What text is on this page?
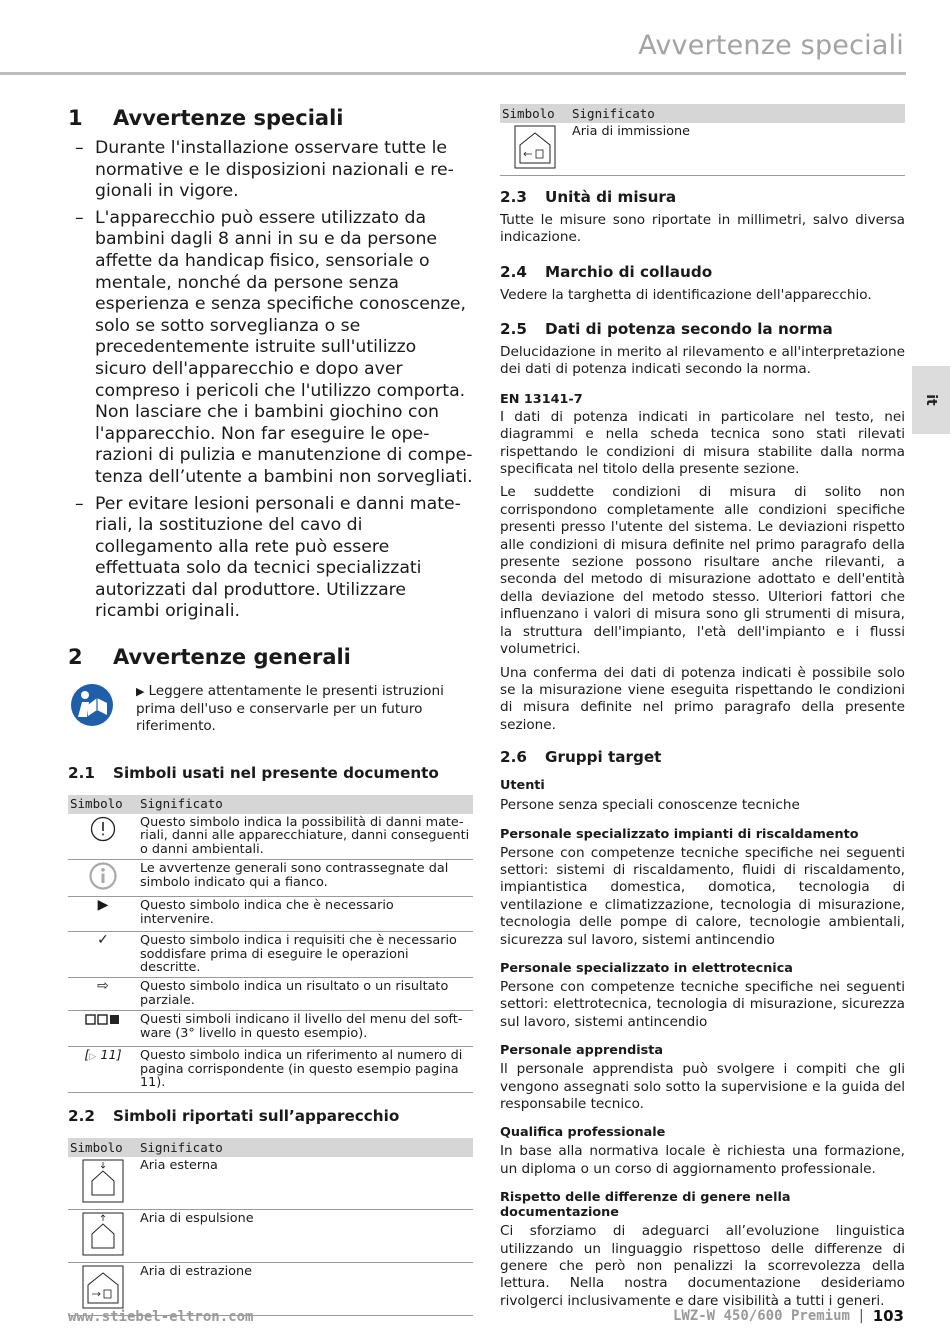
Avvertenze speciali
it
1	Avvertenze speciali
– Durante l'installazione osservare tutte le normative e le disposizioni nazionali e regionali in vigore.
– L'apparecchio può essere utilizzato da bambini dagli 8 anni in su e da persone affette da handicap fisico, sensoriale o mentale, nonché da persone senza esperienza e senza specifiche conoscenze, solo se sotto sorveglianza o se precedentemente istruite sull'utilizzo sicuro dell'apparecchio e dopo aver compreso i pericoli che l'utilizzo comporta. Non lasciare che i bambini giochino con l'apparecchio. Non far eseguire le operazioni di pulizia e manutenzione di competenza dell’utente a bambini non sorvegliati.
– Per evitare lesioni personali e danni materiali, la sostituzione del cavo di collegamento alla rete può essere effettuata solo da tecnici specializzati autorizzati dal produttore. Utilizzare ricambi originali.
2	Avvertenze generali

▶ Leggere attentamente le presenti istruzioni prima dell'uso e conservarle per un futuro riferimento.

2.1	Simboli usati nel presente documento
Simbolo	Significato
	Questo simbolo indica la possibilità di danni materiali, danni alle apparecchiature, danni conseguenti o danni ambientali.
	Le avvertenze generali sono contrassegnate dal simbolo indicato qui a fianco.
▶	Questo simbolo indica che è necessario intervenire.
✓	Questo simbolo indica i requisiti che è necessario soddisfare prima di eseguire le operazioni descritte.
⇨	Questo simbolo indica un risultato o un risultato parziale.
	Questi simboli indicano il livello del menu del software (3° livello in questo esempio).
[▷ 11]	Questo simbolo indica un riferimento al numero di pagina corrispondente (in questo esempio pagina 11).
2.2	Simboli riportati sull’apparecchio
Simbolo	Significato
	Aria esterna
	Aria di espulsione
	Aria di estrazione
Simbolo	Significato
	Aria di immissione
2.3	Unità di misura

Tutte le misure sono riportate in millimetri, salvo diversa indicazione.

2.4	Marchio di collaudo

Vedere la targhetta di identificazione dell'apparecchio.

2.5	Dati di potenza secondo la norma

Delucidazione in merito al rilevamento e all'interpretazione dei dati di potenza indicati secondo la norma.

EN 13141-7

I dati di potenza indicati in particolare nel testo, nei diagrammi e nella scheda tecnica sono stati rilevati rispettando le condizioni di misura stabilite dalla norma specificata nel titolo della presente sezione.

Le suddette condizioni di misura di solito non corrispondono completamente alle condizioni specifiche presenti presso l'utente del sistema. Le deviazioni rispetto alle condizioni di misura definite nel primo paragrafo della presente sezione possono risultare anche rilevanti, a seconda del metodo di misurazione adottato e dell'entità della deviazione del metodo stesso. Ulteriori fattori che influenzano i valori di misura sono gli strumenti di misura, la struttura dell'impianto, l'età dell'impianto e i flussi volumetrici.

Una conferma dei dati di potenza indicati è possibile solo se la misurazione viene eseguita rispettando le condizioni di misura definite nel primo paragrafo della presente sezione.

2.6	Gruppi target
Utenti

Persone senza speciali conoscenze tecniche

Personale specializzato impianti di riscaldamento

Persone con competenze tecniche specifiche nei seguenti settori: sistemi di riscaldamento, fluidi di riscaldamento, impiantistica domestica, domotica, tecnologia di ventilazione e climatizzazione, tecnologia di misurazione, tecnologia delle pompe di calore, tecnologie ambientali, sicurezza sul lavoro, sistemi antincendio

Personale specializzato in elettrotecnica

Persone con competenze tecniche specifiche nei seguenti settori: elettrotecnica, tecnologia di misurazione, sicurezza sul lavoro, sistemi antincendio

Personale apprendista

Il personale apprendista può svolgere i compiti che gli vengono assegnati solo sotto la supervisione e la guida del responsabile tecnico.

Qualifica professionale

In base alla normativa locale è richiesta una formazione, un diploma o un corso di aggiornamento professionale.

Rispetto delle differenze di genere nella documentazione

Ci sforziamo di adeguarci all’evoluzione linguistica utilizzando un linguaggio rispettoso delle differenze di genere che però non penalizzi la scorrevolezza della lettura. Nella nostra documentazione desideriamo rivolgerci inclusivamente e dare visibilità a tutti i generi.

www.stiebel-eltron.com	LWZ-W 450/600 Premium | 103
